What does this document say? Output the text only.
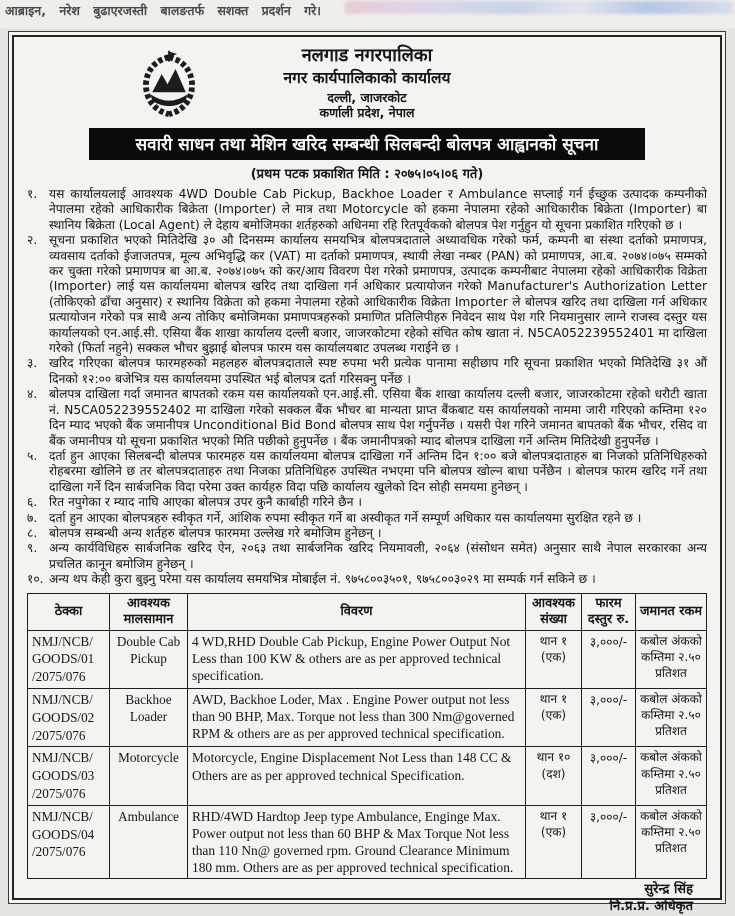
आब्राइन, नरेश बुढाएरजस्ती बालङतर्फ सशक्त प्रदर्शन गरे।
नलगाड नगरपालिका
नगर कार्यपालिकाको कार्यालय
दल्ली, जाजरकोट
कर्णाली प्रदेश, नेपाल
सवारी साधन तथा मेशिन खरिद सम्बन्धी सिलबन्दी बोलपत्र आह्वानको सूचना
(प्रथम पटक प्रकाशित मिति : २०७५।०५।०६ गते)
१. यस कार्यालयलाई आवश्यक 4WD Double Cab Pickup, Backhoe Loader र Ambulance सप्लाई गर्न ईच्छुक उत्पादक कम्पनीको नेपालमा रहेको आधिकारीक बिक्रेता (Importer) ले मात्र तथा Motorcycle को हकमा नेपालमा रहेको आधिकारीक बिक्रेता (Importer) बा स्थानिय बिक्रेता (Local Agent) ले देहाय बमोजिमका शर्तहरुको अधिनमा रहि रितपूर्वकको बोलपत्र पेश गर्नुहुन यो सूचना प्रकाशित गरिएको छ ।
२. सूचना प्रकाशित भएको मितिदेखि ३० औ दिनसम्म कार्यालय समयभित्र बोलपत्रदाताले अध्यावधिक गरेको फर्म, कम्पनी बा संस्था दर्ताको प्रमाणपत्र, व्यवसाय दर्ताको ईजाजतपत्र, मूल्य अभिवृद्धि कर (VAT) मा दर्ताको प्रमाणपत्र, स्थायी लेखा नम्बर (PAN) को प्रमाणपत्र, आ.ब. २०७४।०७५ सम्मको कर चुक्ता गरेको प्रमाणपत्र बा आ.ब. २०७४।०७५ को कर/आय विवरण पेश गरेको प्रमाणपत्र, उत्पादक कम्पनीबाट नेपालमा रहेको आधिकारीक विक्रेता (Importer) लाई यस कार्यालयमा बोलपत्र खरिद तथा दाखिला गर्न अधिकार प्रत्यायोजन गरेको Manufacturer's Authorization Letter (तोकिएको ढाँचा अनुसार) र स्थानिय विक्रेता को हकमा नेपालमा रहेको आधिकारीक विक्रेता Importer ले बोलपत्र खरिद तथा दाखिला गर्न अधिकार प्रत्यायोजन गरेको पत्र साथै अन्य तोकिए बमोजिमका प्रमाणपत्रहरुको प्रमाणित प्रतिलिपीहरु निवेदन साथ पेश गरि नियमानुसार लाग्ने राजस्व दस्तुर यस कार्यालयको एन.आई.सी. एसिया बैंक शाखा कार्यालय दल्ली बजार, जाजरकोटमा रहेको संचित कोष खाता नं. N5CA052239552401 मा दाखिला गरेको (फिर्ता नहुने) सक्कल भौचर बुझाई बोलपत्र फारम यस कार्यालयबाट उपलब्ध गराईने छ ।
३. खरिद गरिएका बोलपत्र फारमहरुको महलहरु बोलपत्रदाताले स्पष्ट रुपमा भरी प्रत्येक पानामा सहीछाप गरि सूचना प्रकाशित भएको मितिदेखि ३१ औं दिनको १२:०० बजेभित्र यस कार्यालयमा उपस्थित भई बोलपत्र दर्ता गरिसक्नु पर्नेछ ।
४. बोलपत्र दाखिला गर्दा जमानत बापतको रकम यस कार्यालयको एन.आई.सी. एसिया बैंक शाखा कार्यालय दल्ली बजार, जाजरकोटमा रहेको धरौटी खाता नं. N5CA052239552402 मा दाखिला गरेको सक्कल बैंक भौचर बा मान्यता प्राप्त बैंकबाट यस कार्यालयको नाममा जारी गरिएको कम्तिमा १२० दिन म्याद भएको बैंक जमानीपत्र Unconditional Bid Bond बोलपत्र साथ पेश गर्नुपर्नेछ । यसरी पेश गरिने जमानत बापतको बैंक भौचर, रसिद वा बैंक जमानीपत्र यो सूचना प्रकाशित भएको मिति पछीको हुनुपर्नेछ । बैंक जमानीपत्रको म्याद बोलपत्र दाखिला गर्ने अन्तिम मितिदेखी हुनुपर्नेछ ।
५. दर्ता हुन आएका सिलबन्दी बोलपत्र फारमहरु यस कार्यालयमा बोलपत्र दाखिला गर्ने अन्तिम दिन १:०० बजे बोलपत्रदाताहरु बा निजको प्रतिनिधिहरुको रोहबरमा खोलिने छ तर बोलपत्रदाताहरु तथा निजका प्रतिनिधिहरु उपस्थित नभएमा पनि बोलपत्र खोल्न बाधा पर्नेछैन । बोलपत्र फारम खरिद गर्ने तथा दाखिला गर्ने दिन सार्बजनिक विदा परेमा उक्त कार्यहरु विदा पछि कार्यालय खुलेको दिन सोही समयमा हुनेछन् ।
६. रित नपुगेका र म्याद नाघि आएका बोलपत्र उपर कुनै कार्बाही गरिने छैन ।
७. दर्ता हुन आएका बोलपत्रहरु स्वीकृत गर्ने, आंशिक रुपमा स्वीकृत गर्ने बा अस्वीकृत गर्ने सम्पूर्ण अधिकार यस कार्यालयमा सुरक्षित रहने छ ।
८. बोलपत्र सम्बन्धी अन्य शर्तहरु बोलपत्र फारममा उल्लेख गरे बमोजिम हुनेछन् ।
९. अन्य कार्यविधिहरु सार्बजनिक खरिद ऐन, २०६३ तथा सार्बजनिक खरिद नियमावली, २०६४ (संसोधन समेत) अनुसार साथै नेपाल सरकारका अन्य प्रचलित कानून बमोजिम हुनेछन् ।
१०. अन्य थप केही कुरा बुझ्नु परेमा यस कार्यालय समयभित्र मोबाईल नं. ९७५८००३५०१, ९७५८००३०२९ मा सम्पर्क गर्न सकिने छ ।
ठेक्का	आवश्यक मालसामान	विवरण	आवश्यक संख्या	फारम दस्तुर रु.	जमानत रकम

NMJ/NCB/
GOODS/01
/2075/076	Double Cab Pickup	4 WD,RHD Double Cab Pickup, Engine Power Output Not Less than 100 KW & others are as per approved technical specification.	थान १
(एक)	३,०००/-	कबोल अंकको कम्तिमा २.५० प्रतिशत

NMJ/NCB/
GOODS/02
/2075/076	Backhoe Loader	AWD, Backhoe Loder, Max . Engine Power output not less than 90 BHP, Max. Torque not less than 300 Nm@governed RPM & others are as per approved technical specification.	थान १
(एक)	३,०००/-	कबोल अंकको कम्तिमा २.५० प्रतिशत

NMJ/NCB/
GOODS/03
/2075/076	Motorcycle	Motorcycle, Engine Displacement Not Less than 148 CC & Others are as per approved technical Specification.	थान १०
(दश)	३,०००/-	कबोल अंकको कम्तिमा २.५० प्रतिशत

NMJ/NCB/
GOODS/04
/2075/076
	Ambulance	RHD/4WD Hardtop Jeep type Ambulance, Enginge Max. Power output not less than 60 BHP & Max Torque Not less than 110 Nn@ governed rpm. Ground Clearance Minimum 180 mm. Others are as per approved technical specification.	
थान १
(एक)
	३,०००/-	कबोल अंकको कम्तिमा २.५० प्रतिशत
सुरेन्द्र सिंह
नि.प्र.प्र. अधिकृत
